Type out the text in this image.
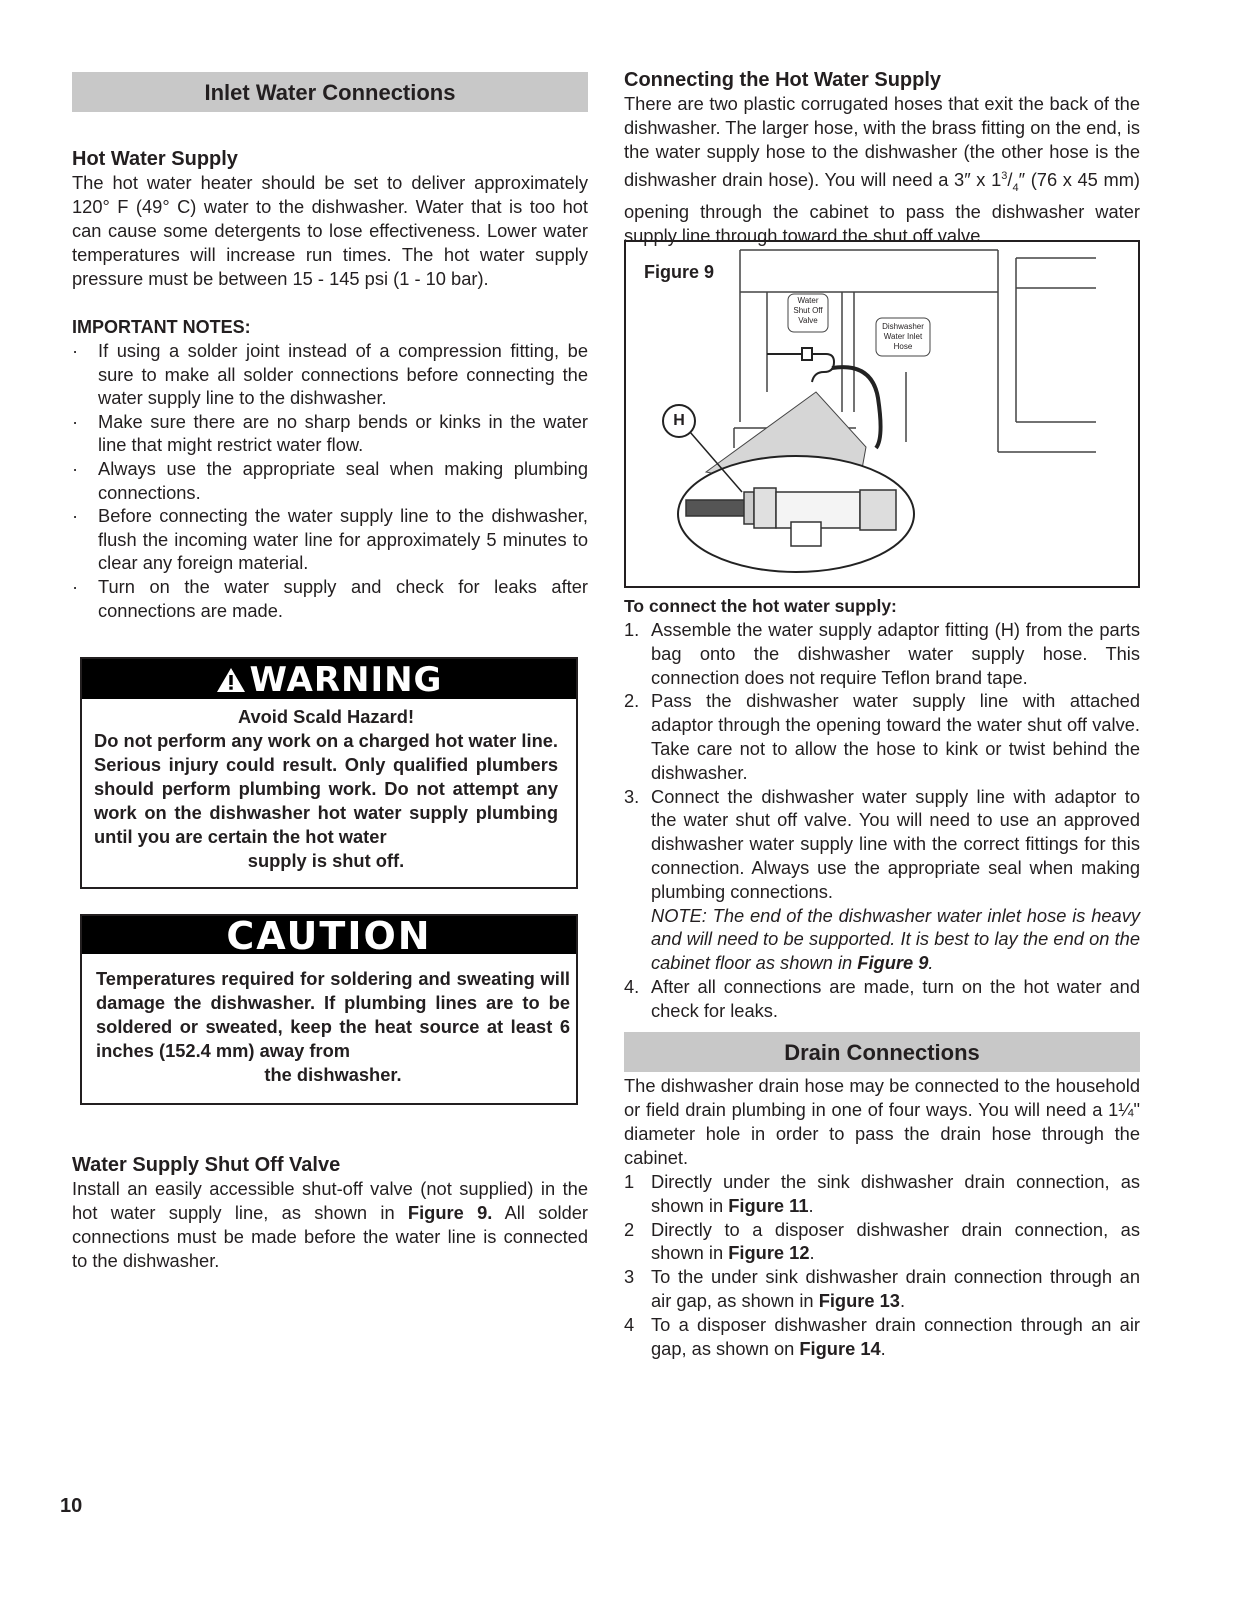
Inlet Water Connections
Hot Water Supply

The hot water heater should be set to deliver approximately 120° F (49° C) water to the dishwasher. Water that is too hot can cause some detergents to lose effectiveness. Lower water temperatures will increase run times. The hot water supply pressure must be between 15 - 145 psi (1 - 10 bar).

IMPORTANT NOTES:
· If using a solder joint instead of a compression fitting, be sure to make all solder connections before connecting the water supply line to the dishwasher.
· Make sure there are no sharp bends or kinks in the water line that might restrict water flow.
· Always use the appropriate seal when making plumbing connections.
· Before connecting the water supply line to the dishwasher, flush the incoming water line for approximately 5 minutes to clear any foreign material.
· Turn on the water supply and check for leaks after connections are made.
WARNING
Avoid Scald Hazard!
Do not perform any work on a charged hot water line. Serious injury could result. Only qualified plumbers should perform plumbing work. Do not attempt any work on the dishwasher hot water supply plumbing until you are certain the hot water
supply is shut off.
CAUTION
Temperatures required for soldering and sweating will damage the dishwasher. If plumbing lines are to be soldered or sweated, keep the heat source at least 6 inches (152.4 mm) away from
the dishwasher.
Water Supply Shut Off Valve

Install an easily accessible shut-off valve (not supplied) in the hot water supply line, as shown in Figure 9. All solder connections must be made before the water line is connected to the dishwasher.

Connecting the Hot Water Supply

There are two plastic corrugated hoses that exit the back of the dishwasher. The larger hose, with the brass fitting on the end, is the water supply hose to the dishwasher (the other hose is the dishwasher drain hose). You will need a 3″ x $1^3/_4''$ (76 x 45 mm) opening through the cabinet to pass the dishwasher water supply line through toward the shut off valve.

Figure 9
Water
Shut Off
Valve
Dishwasher
Water Inlet
Hose
H
To connect the hot water supply:
1. Assemble the water supply adaptor fitting (H) from the parts bag onto the dishwasher water supply hose. This connection does not require Teflon brand tape.
2. Pass the dishwasher water supply line with attached adaptor through the opening toward the water shut off valve. Take care not to allow the hose to kink or twist behind the dishwasher.
3. Connect the dishwasher water supply line with adaptor to the water shut off valve. You will need to use an approved dishwasher water supply line with the correct fittings for this connection. Always use the appropriate seal when making plumbing connections.
NOTE: The end of the dishwasher water inlet hose is heavy and will need to be supported. It is best to lay the end on the cabinet floor as shown in Figure 9.
4. After all connections are made, turn on the hot water and check for leaks.
Drain Connections

The dishwasher drain hose may be connected to the household or field drain plumbing in one of four ways. You will need a 1¼" diameter hole in order to pass the drain hose through the cabinet.

1 Directly under the sink dishwasher drain connection, as shown in Figure 11.
2 Directly to a disposer dishwasher drain connection, as shown in Figure 12.
3 To the under sink dishwasher drain connection through an air gap, as shown in Figure 13.
4 To a disposer dishwasher drain connection through an air gap, as shown on Figure 14.
10
